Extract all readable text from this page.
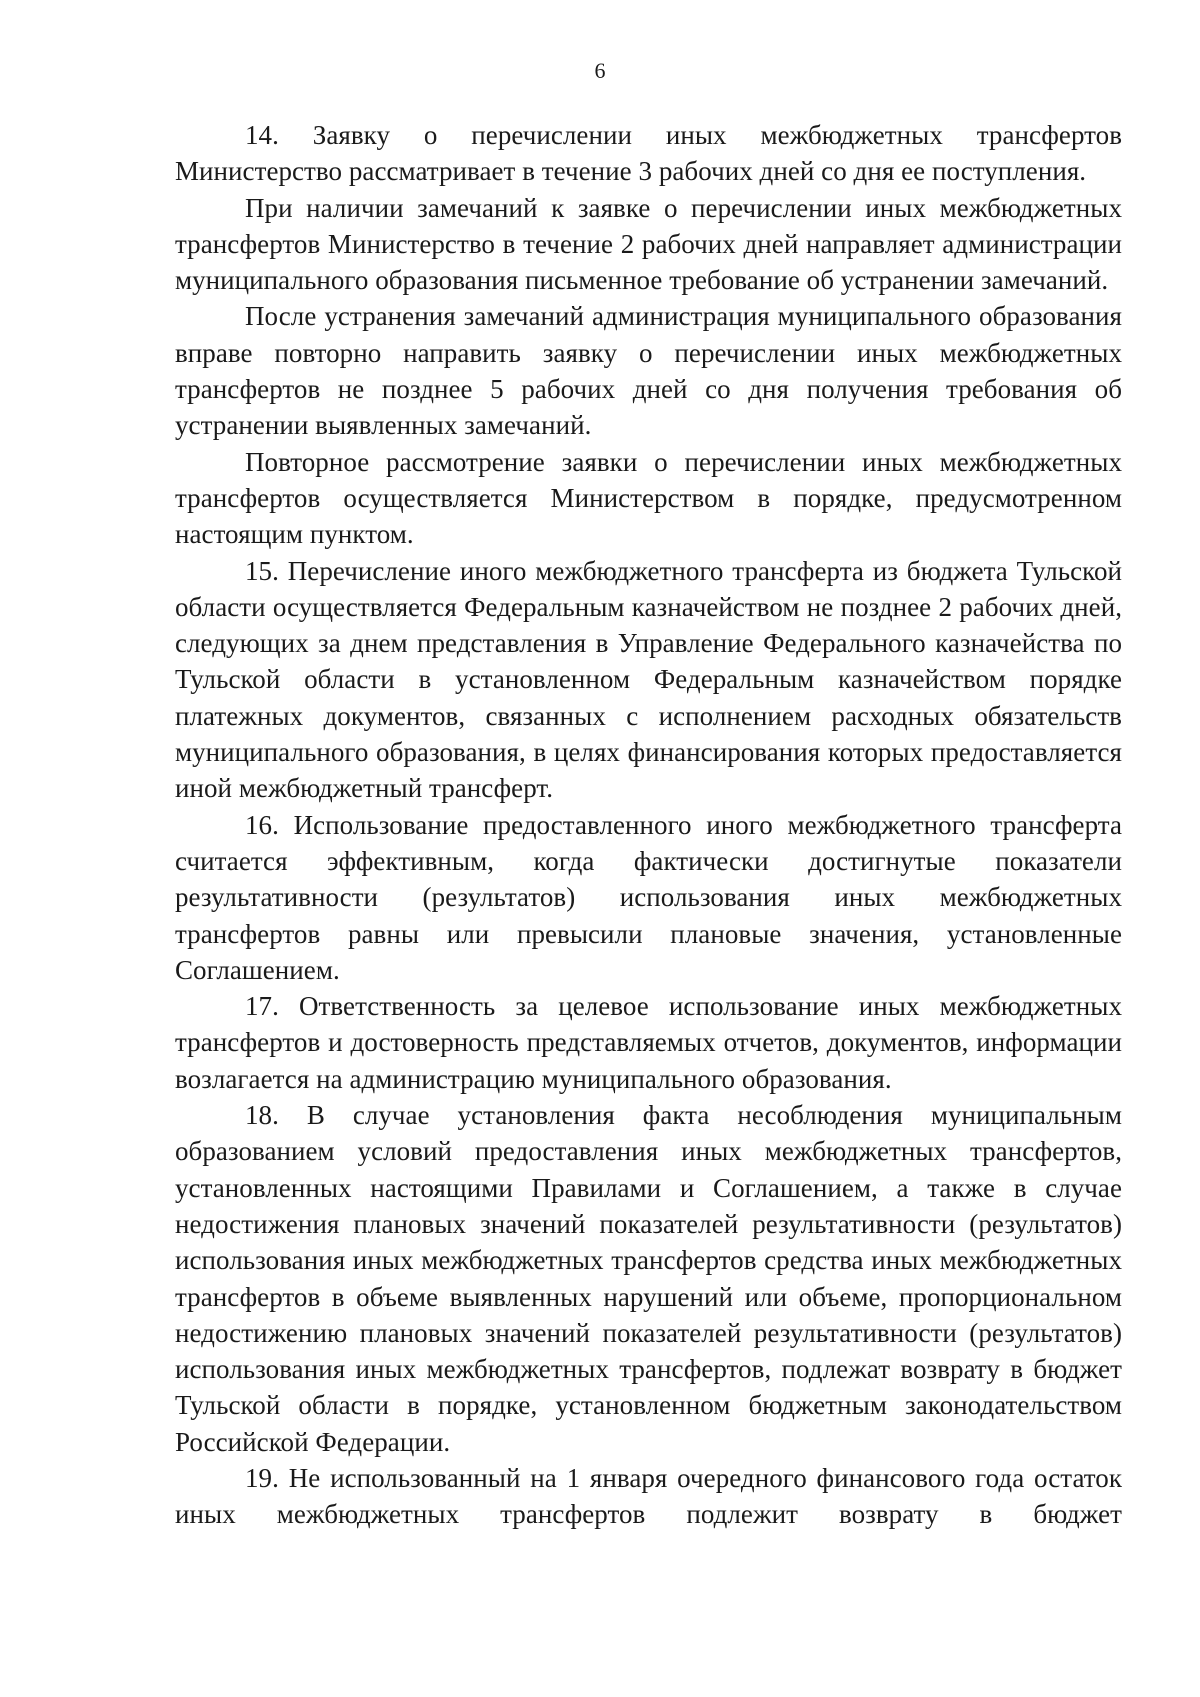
6

14. Заявку о перечислении иных межбюджетных трансфертов Министерство рассматривает в течение 3 рабочих дней со дня ее поступления.

При наличии замечаний к заявке о перечислении иных межбюджетных трансфертов Министерство в течение 2 рабочих дней направляет администрации муниципального образования письменное требование об устранении замечаний.

После устранения замечаний администрация муниципального образования вправе повторно направить заявку о перечислении иных межбюджетных трансфертов не позднее 5 рабочих дней со дня получения требования об устранении выявленных замечаний.

Повторное рассмотрение заявки о перечислении иных межбюджетных трансфертов осуществляется Министерством в порядке, предусмотренном настоящим пунктом.

15. Перечисление иного межбюджетного трансферта из бюджета Тульской области осуществляется Федеральным казначейством не позднее 2 рабочих дней, следующих за днем представления в Управление Федерального казначейства по Тульской области в установленном Федеральным казначейством порядке платежных документов, связанных с исполнением расходных обязательств муниципального образования, в целях финансирования которых предоставляется иной межбюджетный трансферт.

16. Использование предоставленного иного межбюджетного трансферта считается эффективным, когда фактически достигнутые показатели результативности (результатов) использования иных межбюджетных трансфертов равны или превысили плановые значения, установленные Соглашением.

17. Ответственность за целевое использование иных межбюджетных трансфертов и достоверность представляемых отчетов, документов, информации возлагается на администрацию муниципального образования.

18. В случае установления факта несоблюдения муниципальным образованием условий предоставления иных межбюджетных трансфертов, установленных настоящими Правилами и Соглашением, а также в случае недостижения плановых значений показателей результативности (результатов) использования иных межбюджетных трансфертов средства иных межбюджетных трансфертов в объеме выявленных нарушений или объеме, пропорциональном недостижению плановых значений показателей результативности (результатов) использования иных межбюджетных трансфертов, подлежат возврату в бюджет Тульской области в порядке, установленном бюджетным законодательством Российской Федерации.

19. Не использованный на 1 января очередного финансового года остаток иных межбюджетных трансфертов подлежит возврату в бюджет
